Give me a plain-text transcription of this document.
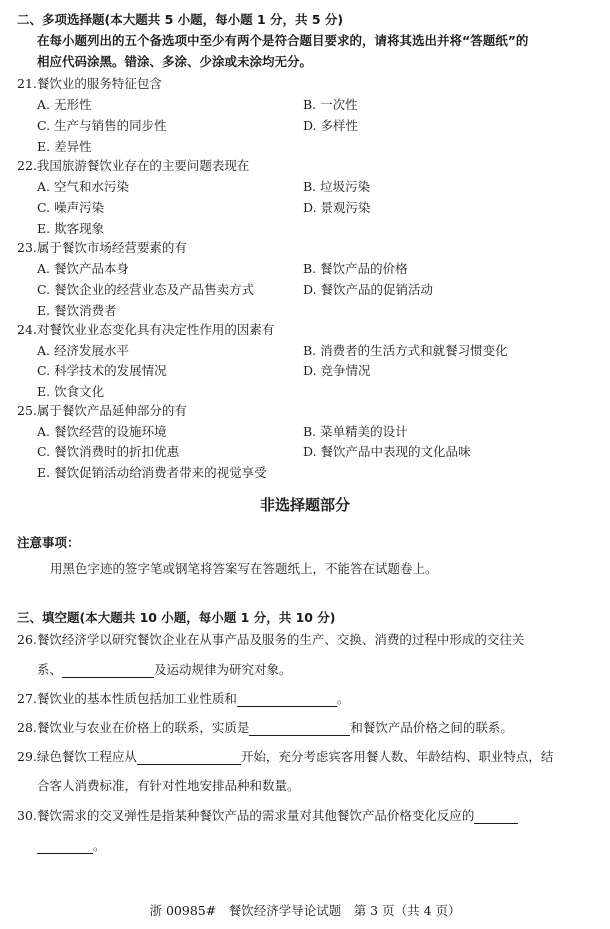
二、多项选择题(本大题共 5 小题，每小题 1 分，共 5 分)
在每小题列出的五个备选项中至少有两个是符合题目要求的，请将其选出并将“答题纸”的
相应代码涂黑。错涂、多涂、少涂或未涂均无分。
21.餐饮业的服务特征包含
A. 无形性	B. 一次性
C. 生产与销售的同步性	D. 多样性
E. 差异性
22.我国旅游餐饮业存在的主要问题表现在
A. 空气和水污染	B. 垃圾污染
C. 噪声污染	D. 景观污染
E. 欺客现象
23.属于餐饮市场经营要素的有
A. 餐饮产品本身	B. 餐饮产品的价格
C. 餐饮企业的经营业态及产品售卖方式	D. 餐饮产品的促销活动
E. 餐饮消费者
24.对餐饮业业态变化具有决定性作用的因素有
A. 经济发展水平	B. 消费者的生活方式和就餐习惯变化
C. 科学技术的发展情况	D. 竞争情况
E. 饮食文化
25.属于餐饮产品延伸部分的有
A. 餐饮经营的设施环境	B. 菜单精美的设计
C. 餐饮消费时的折扣优惠	D. 餐饮产品中表现的文化品味
E. 餐饮促销活动给消费者带来的视觉享受
非选择题部分
注意事项：
用黑色字迹的签字笔或钢笔将答案写在答题纸上，不能答在试题卷上。
三、填空题(本大题共 10 小题，每小题 1 分，共 10 分)
26.餐饮经济学以研究餐饮企业在从事产品及服务的生产、交换、消费的过程中形成的交往关
系、	及运动规律为研究对象。
27.餐饮业的基本性质包括加工业性质和	。
28.餐饮业与农业在价格上的联系，实质是	和餐饮产品价格之间的联系。
29.绿色餐饮工程应从	开始，充分考虑宾客用餐人数、年龄结构、职业特点，结
合客人消费标准，有针对性地安排品种和数量。
30.餐饮需求的交叉弹性是指某种餐饮产品的需求量对其他餐饮产品价格变化反应的
。
浙 00985#　餐饮经济学导论试题　第 3 页（共 4 页）
